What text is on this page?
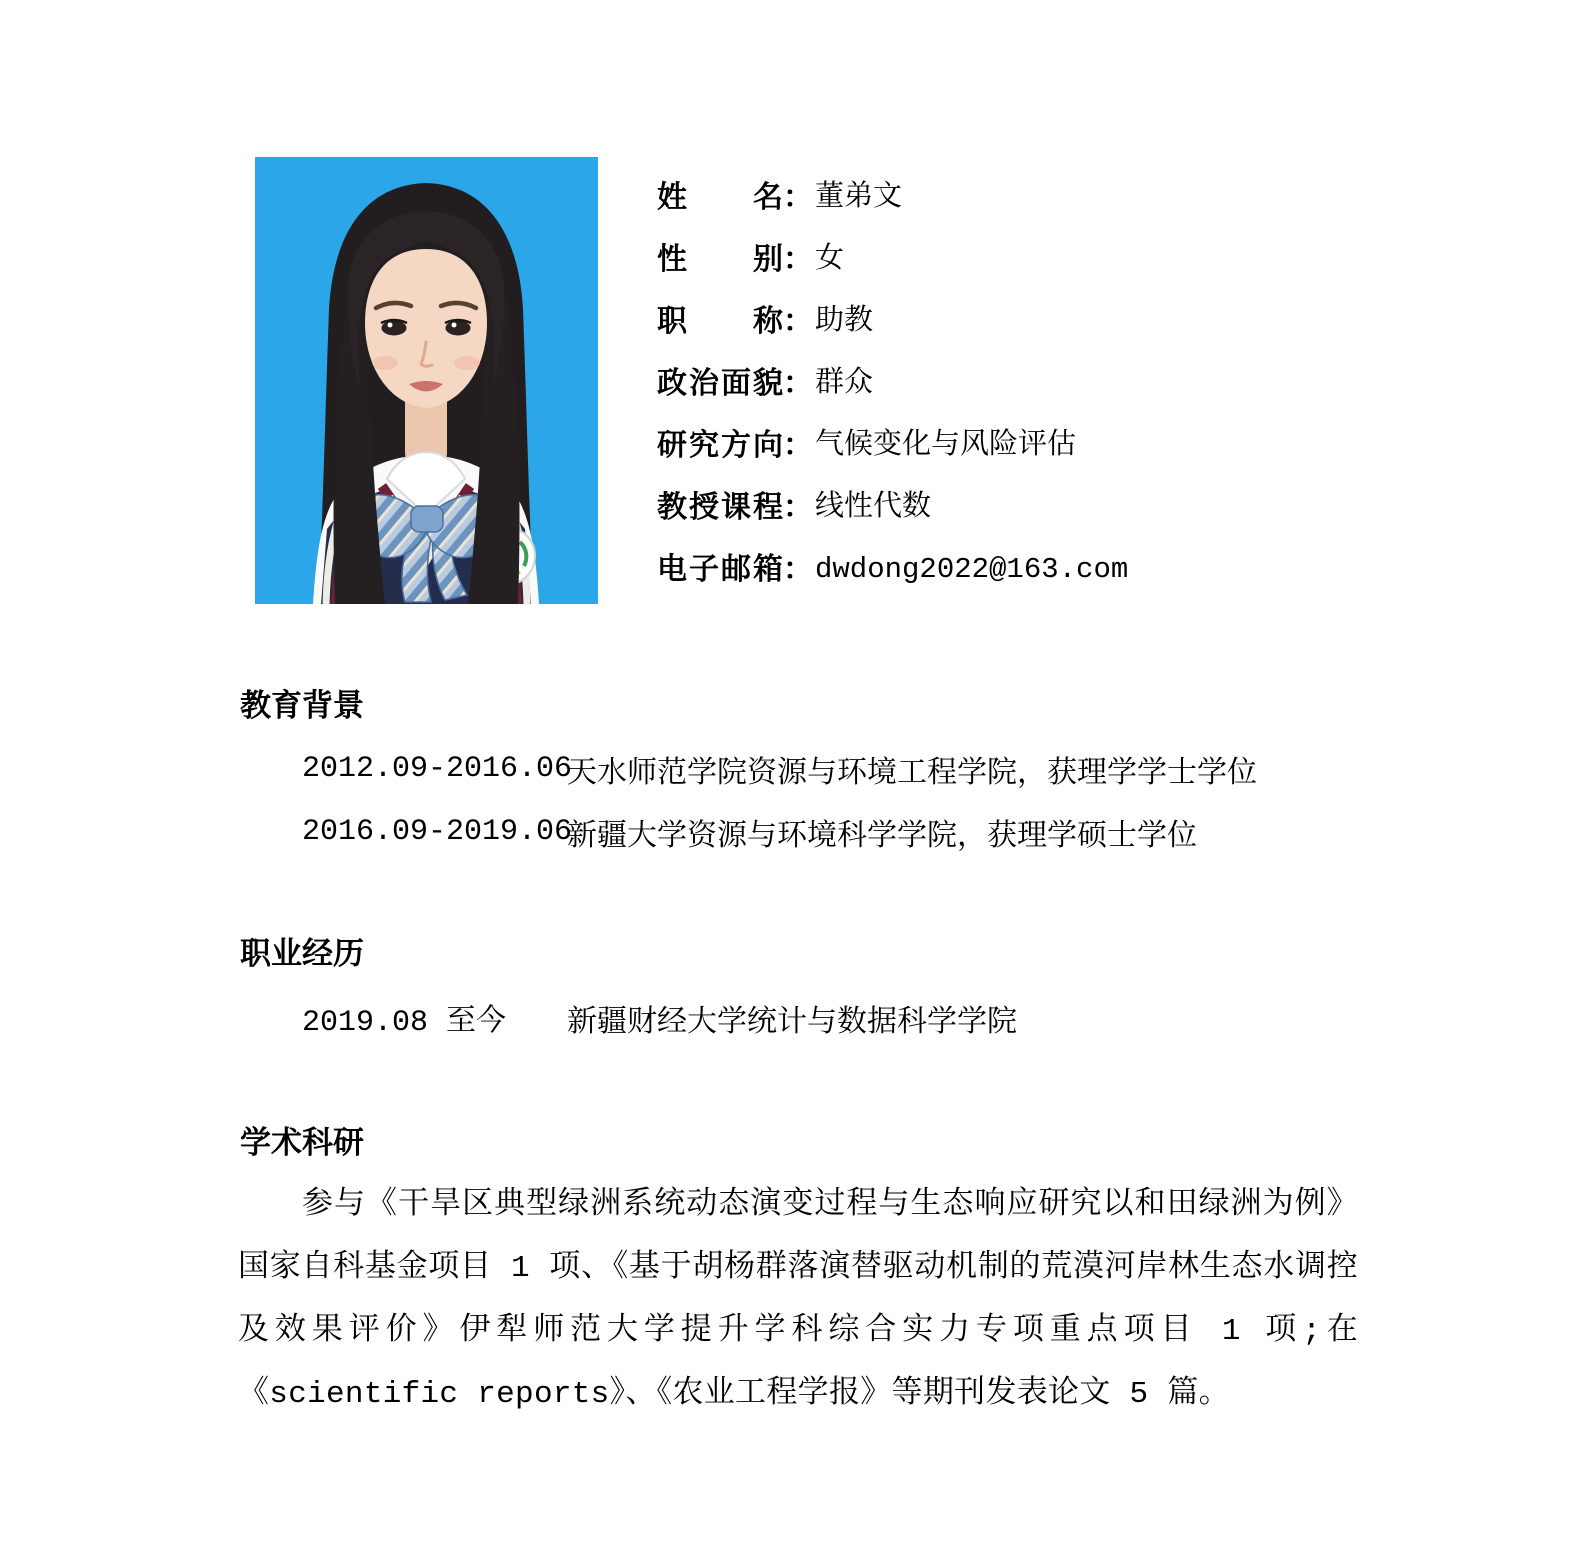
姓名 ： 董弟文
性别 ： 女
职称 ： 助教
政治面貌 ： 群众
研究方向 ： 气候变化与风险评估
教授课程 ： 线性代数
电子邮箱 ： dwdong2022@163.com
教育背景
2012.09-2016.06
天水师范学院资源与环境工程学院，获理学学士学位
2016.09-2019.06
新疆大学资源与环境科学学院，获理学硕士学位
职业经历
2019.08 至今	新疆财经大学统计与数据科学学院
学术科研

参与《干旱区典型绿洲系统动态演变过程与生态响应研究以和田绿洲为例》国家自科基金项目 1 项、《基于胡杨群落演替驱动机制的荒漠河岸林生态水调控及效果评价》伊犁师范大学提升学科综合实力专项重点项目 1 项;在《scientific reports》、《农业工程学报》等期刊发表论文 5 篇。
